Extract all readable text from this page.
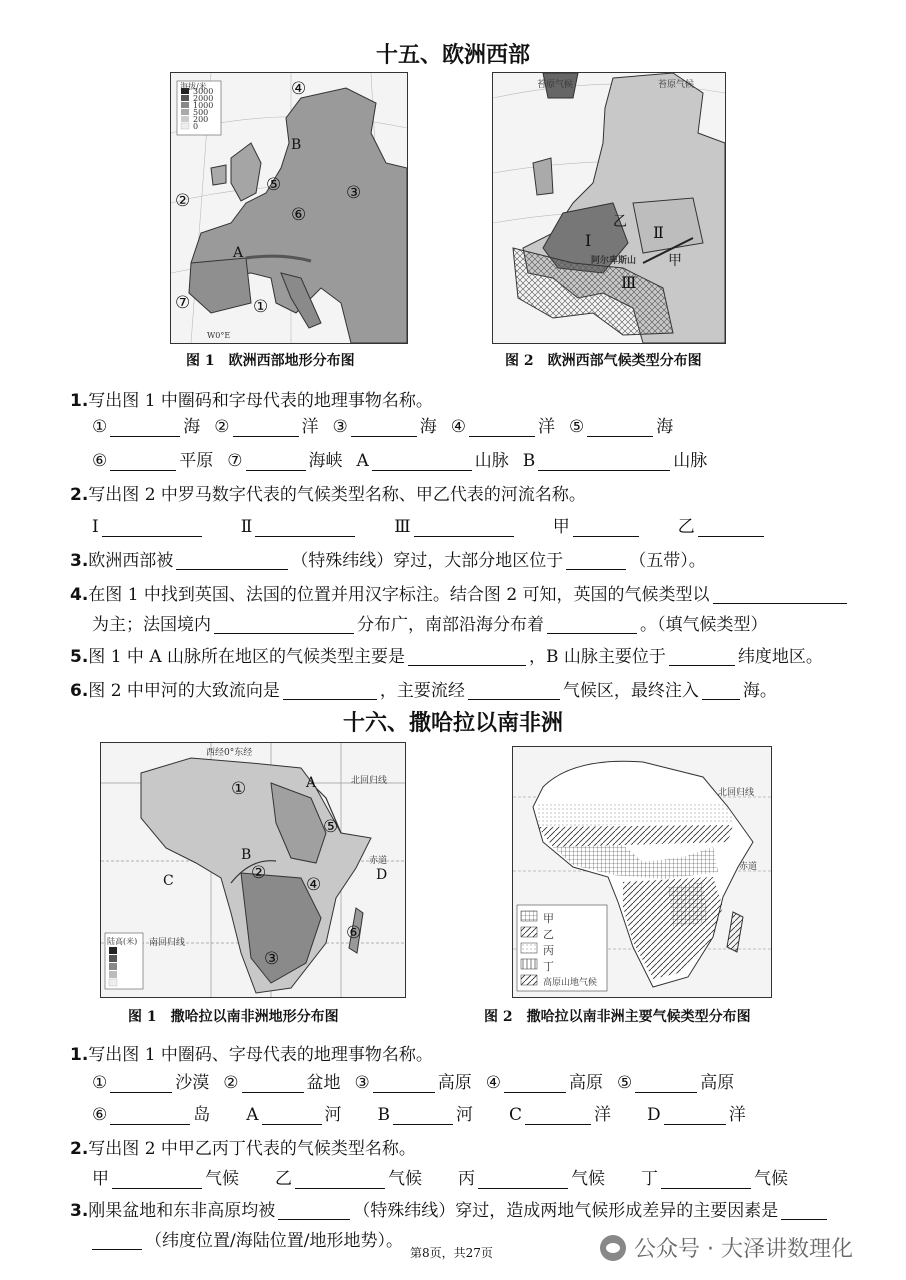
十五、欧洲西部
海拔/米
3000
2000
1000
500
200
0
④
B
⑤
②	③
⑥
A
⑦	①
W0°E
苔原气候	苔原气候
乙
Ⅰ	Ⅱ
阿尔卑斯山 甲
Ⅲ
图 1　欧洲西部地形分布图	图 2　欧洲西部气候类型分布图
1.写出图 1 中圈码和字母代表的地理事物名称。
①	海 ②	洋 ③	海 ④	洋 ⑤	海
⑥	平原 ⑦	海峡 A	山脉 B	山脉
2.写出图 2 中罗马数字代表的气候类型名称、甲乙代表的河流名称。
Ⅰ	Ⅱ	Ⅲ	甲	乙
3.欧洲西部被	（特殊纬线）穿过，大部分地区位于	（五带）。
4.在图 1 中找到英国、法国的位置并用汉字标注。结合图 2 可知，英国的气候类型以
为主；法国境内	分布广，南部沿海分布着	。（填气候类型）
5.图 1 中 A 山脉所在地区的气候类型主要是	，B 山脉主要位于	纬度地区。
6.图 2 中甲河的大致流向是	，主要流经	气候区，最终注入	海。
十六、撒哈拉以南非洲
西经0°东经
北回归线
A
①
⑤
B	赤道
②
C	④	D
南回归线	⑥
③
陆高(米)
北回归线
赤道
甲
乙
丙
丁
高原山地气候
图 1　撒哈拉以南非洲地形分布图	图 2　撒哈拉以南非洲主要气候类型分布图
1.写出图 1 中圈码、字母代表的地理事物名称。
①	沙漠 ②	盆地 ③	高原 ④	高原 ⑤	高原
⑥	岛 A	河 B	河 C	洋 D	洋
2.写出图 2 中甲乙丙丁代表的气候类型名称。
甲	气候 乙	气候 丙	气候 丁	气候
3.刚果盆地和东非高原均被	（特殊纬线）穿过，造成两地气候形成差异的主要因素是
（纬度位置/海陆位置/地形地势）。
第8页，共27页	公众号 · 大泽讲数理化
